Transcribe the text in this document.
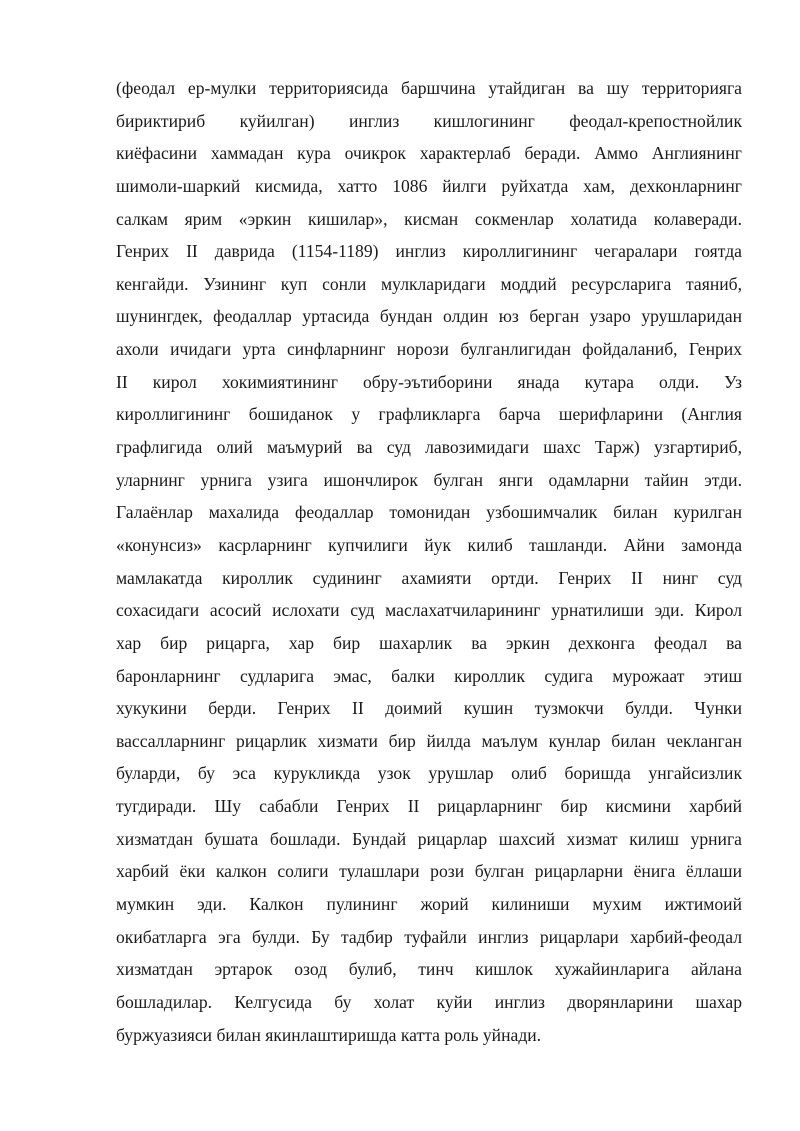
(феодал ер-мулки территориясида баршчина утайдиган ва шу территорияга
бириктириб куйилган) инглиз кишлогининг феодал-крепостнойлик
киёфасини хаммадан кура очикрок характерлаб беради. Аммо Англиянинг
шимоли-шаркий кисмида, хатто 1086 йилги руйхатда хам, дехконларнинг
салкам ярим «эркин кишилар», кисман сокменлар холатида колаверади.
Генрих II даврида (1154-1189) инглиз кироллигининг чегаралари гоятда
кенгайди. Узининг куп сонли мулкларидаги моддий ресурсларига таяниб,
шунингдек, феодаллар уртасида бундан олдин юз берган узаро урушларидан
ахоли ичидаги урта синфларнинг норози булганлигидан фойдаланиб, Генрих
II кирол хокимиятининг обру-эътиборини янада кутара олди. Уз
кироллигининг бошиданок у графликларга барча шерифларини (Англия
графлигида олий маъмурий ва суд лавозимидаги шахс Тарж) узгартириб,
уларнинг урнига узига ишончлирок булган янги одамларни тайин этди.
Галаёнлар махалида феодаллар томонидан узбошимчалик билан курилган
«конунсиз» касрларнинг купчилиги йук килиб ташланди. Айни замонда
мамлакатда кироллик судининг ахамияти ортди. Генрих II нинг суд
сохасидаги асосий ислохати суд маслахатчиларининг урнатилиши эди. Кирол
хар бир рицарга, хар бир шахарлик ва эркин дехконга феодал ва
баронларнинг судларига эмас, балки кироллик судига мурожаат этиш
хукукини берди. Генрих II доимий кушин тузмокчи булди. Чунки
вассалларнинг рицарлик хизмати бир йилда маълум кунлар билан чекланган
буларди, бу эса курукликда узок урушлар олиб боришда унгайсизлик
тугдиради. Шу сабабли Генрих II рицарларнинг бир кисмини харбий
хизматдан бушата бошлади. Бундай рицарлар шахсий хизмат килиш урнига
харбий ёки калкон солиги тулашлари рози булган рицарларни ёнига ёллаши
мумкин эди. Калкон пулининг жорий килиниши мухим ижтимоий
окибатларга эга булди. Бу тадбир туфайли инглиз рицарлари харбий-феодал
хизматдан эртарок озод булиб, тинч кишлок хужайинларига айлана
бошладилар. Келгусида бу холат куйи инглиз дворянларини шахар
буржуазияси билан якинлаштиришда катта роль уйнади.
